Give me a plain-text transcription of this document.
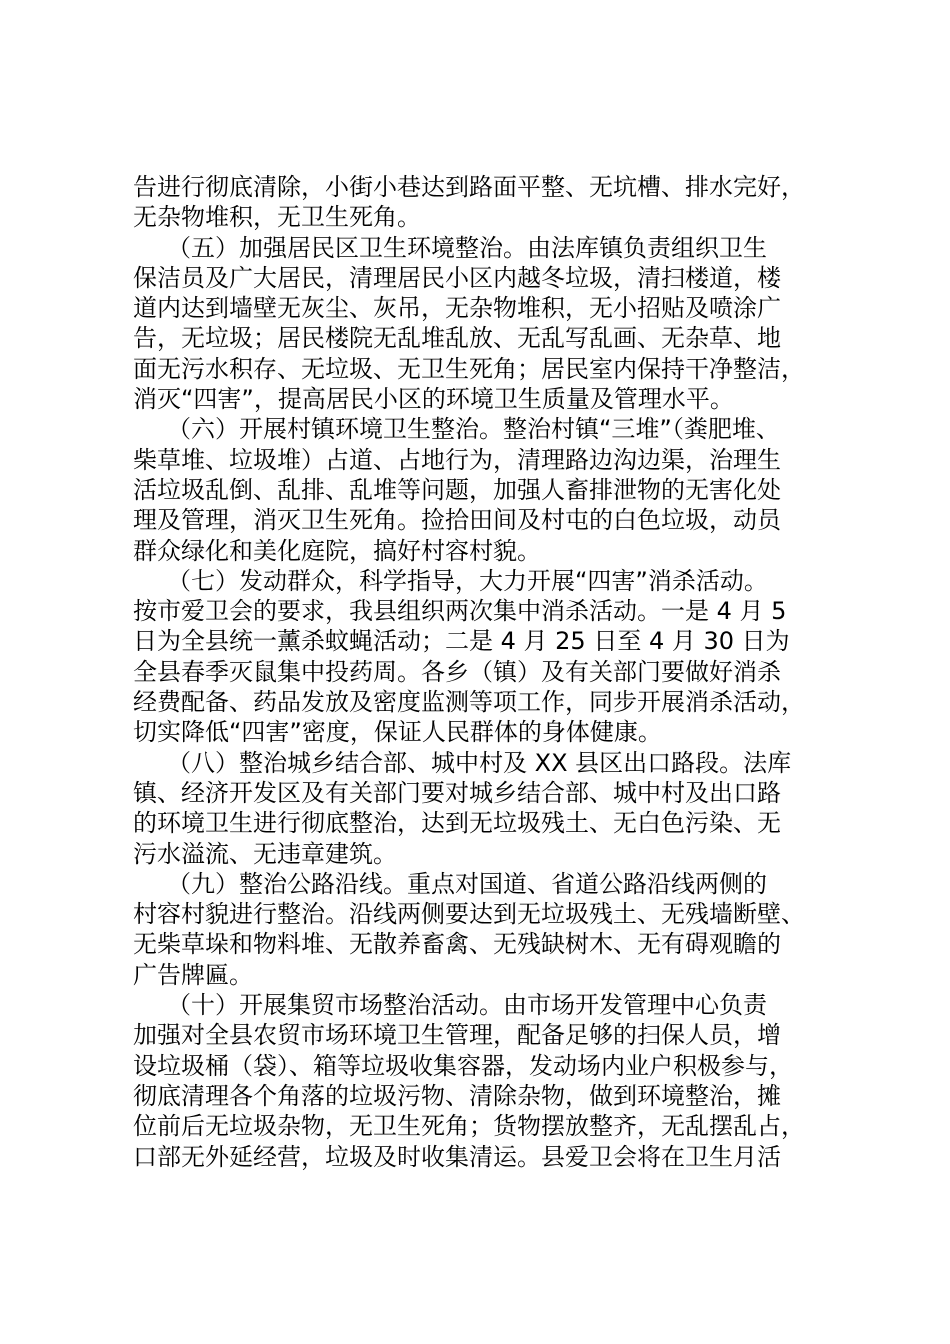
告进行彻底清除，小街小巷达到路面平整、无坑槽、排水完好，
无杂物堆积，无卫生死角。
（五）加强居民区卫生环境整治。由法库镇负责组织卫生
保洁员及广大居民，清理居民小区内越冬垃圾，清扫楼道，楼
道内达到墙壁无灰尘、灰吊，无杂物堆积，无小招贴及喷涂广
告，无垃圾；居民楼院无乱堆乱放、无乱写乱画、无杂草、地
面无污水积存、无垃圾、无卫生死角；居民室内保持干净整洁，
消灭“四害”，提高居民小区的环境卫生质量及管理水平。
（六）开展村镇环境卫生整治。整治村镇“三堆”（粪肥堆、
柴草堆、垃圾堆）占道、占地行为，清理路边沟边渠，治理生
活垃圾乱倒、乱排、乱堆等问题，加强人畜排泄物的无害化处
理及管理，消灭卫生死角。捡拾田间及村屯的白色垃圾，动员
群众绿化和美化庭院，搞好村容村貌。
（七）发动群众，科学指导，大力开展“四害”消杀活动。
按市爱卫会的要求，我县组织两次集中消杀活动。一是 4 月 5
日为全县统一薰杀蚊蝇活动；二是 4 月 25 日至 4 月 30 日为
全县春季灭鼠集中投药周。各乡（镇）及有关部门要做好消杀
经费配备、药品发放及密度监测等项工作，同步开展消杀活动，
切实降低“四害”密度，保证人民群体的身体健康。
（八）整治城乡结合部、城中村及 XX 县区出口路段。法库
镇、经济开发区及有关部门要对城乡结合部、城中村及出口路
的环境卫生进行彻底整治，达到无垃圾残土、无白色污染、无
污水溢流、无违章建筑。
（九）整治公路沿线。重点对国道、省道公路沿线两侧的
村容村貌进行整治。沿线两侧要达到无垃圾残土、无残墙断壁、
无柴草垛和物料堆、无散养畜禽、无残缺树木、无有碍观瞻的
广告牌匾。
（十）开展集贸市场整治活动。由市场开发管理中心负责
加强对全县农贸市场环境卫生管理，配备足够的扫保人员，增
设垃圾桶（袋）、箱等垃圾收集容器，发动场内业户积极参与，
彻底清理各个角落的垃圾污物、清除杂物，做到环境整治，摊
位前后无垃圾杂物，无卫生死角；货物摆放整齐，无乱摆乱占，
口部无外延经营，垃圾及时收集清运。县爱卫会将在卫生月活
